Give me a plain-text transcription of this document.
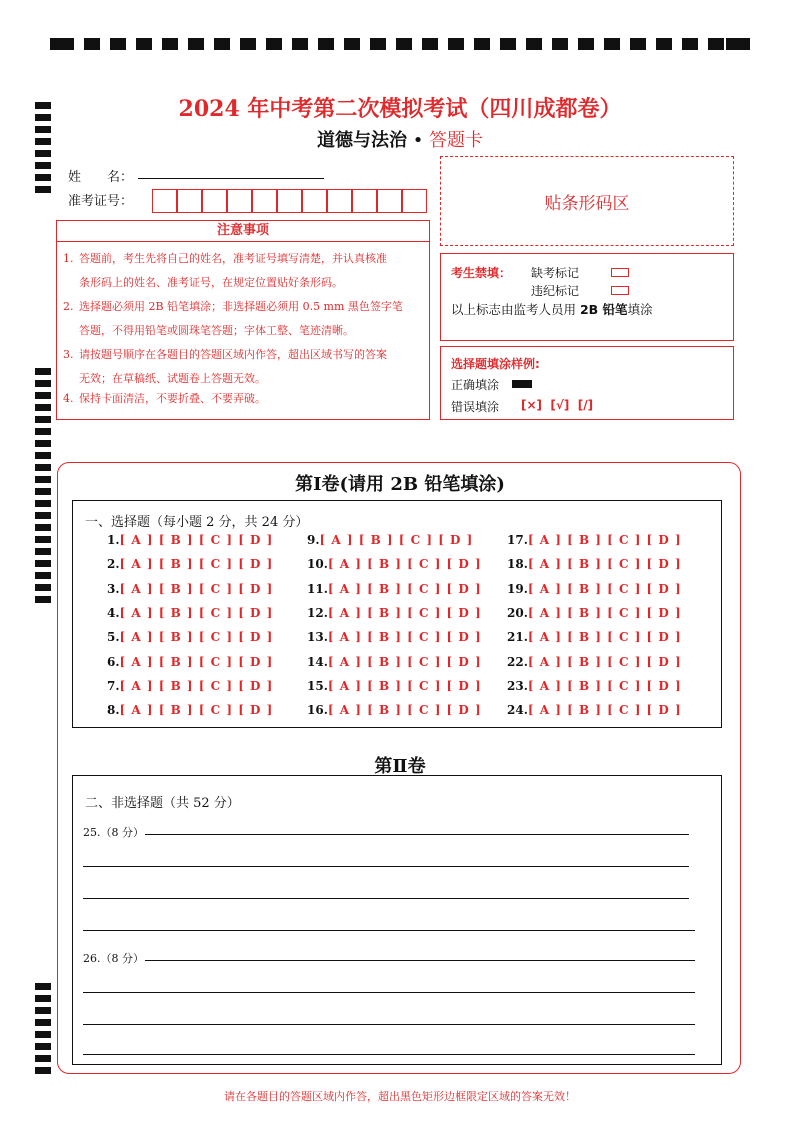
2024 年中考第二次模拟考试（四川成都卷）
道德与法治 • 答题卡
姓　　名：
准考证号：	贴条形码区
注意事项
1. 答题前，考生先将自己的姓名，准考证号填写清楚，并认真核准
条形码上的姓名、准考证号，在规定位置贴好条形码。
2. 选择题必须用 2B 铅笔填涂；非选择题必须用 0.5 mm 黑色签字笔
答题，不得用铅笔或圆珠笔答题；字体工整、笔迹清晰。
3. 请按题号顺序在各题目的答题区域内作答，超出区域书写的答案
无效；在草稿纸、试题卷上答题无效。
4. 保持卡面清洁，不要折叠、不要弄破。
考生禁填： 缺考标记
违纪标记
以上标志由监考人员用 2B 铅笔填涂
选择题填涂样例:
正确填涂
错误填涂 [×]  [√]  [/]
第Ⅰ卷(请用 2B 铅笔填涂)
一、选择题（每小题 2 分，共 24 分）
1.[ A ] [ B ] [ C ] [ D ]
2.[ A ] [ B ] [ C ] [ D ]
3.[ A ] [ B ] [ C ] [ D ]
4.[ A ] [ B ] [ C ] [ D ]
5.[ A ] [ B ] [ C ] [ D ]
6.[ A ] [ B ] [ C ] [ D ]
7.[ A ] [ B ] [ C ] [ D ]
8.[ A ] [ B ] [ C ] [ D ]
9.[ A ] [ B ] [ C ] [ D ]
10.[ A ] [ B ] [ C ] [ D ]
11.[ A ] [ B ] [ C ] [ D ]
12.[ A ] [ B ] [ C ] [ D ]
13.[ A ] [ B ] [ C ] [ D ]
14.[ A ] [ B ] [ C ] [ D ]
15.[ A ] [ B ] [ C ] [ D ]
16.[ A ] [ B ] [ C ] [ D ]
17.[ A ] [ B ] [ C ] [ D ]
18.[ A ] [ B ] [ C ] [ D ]
19.[ A ] [ B ] [ C ] [ D ]
20.[ A ] [ B ] [ C ] [ D ]
21.[ A ] [ B ] [ C ] [ D ]
22.[ A ] [ B ] [ C ] [ D ]
23.[ A ] [ B ] [ C ] [ D ]
24.[ A ] [ B ] [ C ] [ D ]
第Ⅱ卷
二、非选择题（共 52 分）
25.（8 分）
26.（8 分）
请在各题目的答题区域内作答，超出黑色矩形边框限定区域的答案无效！
